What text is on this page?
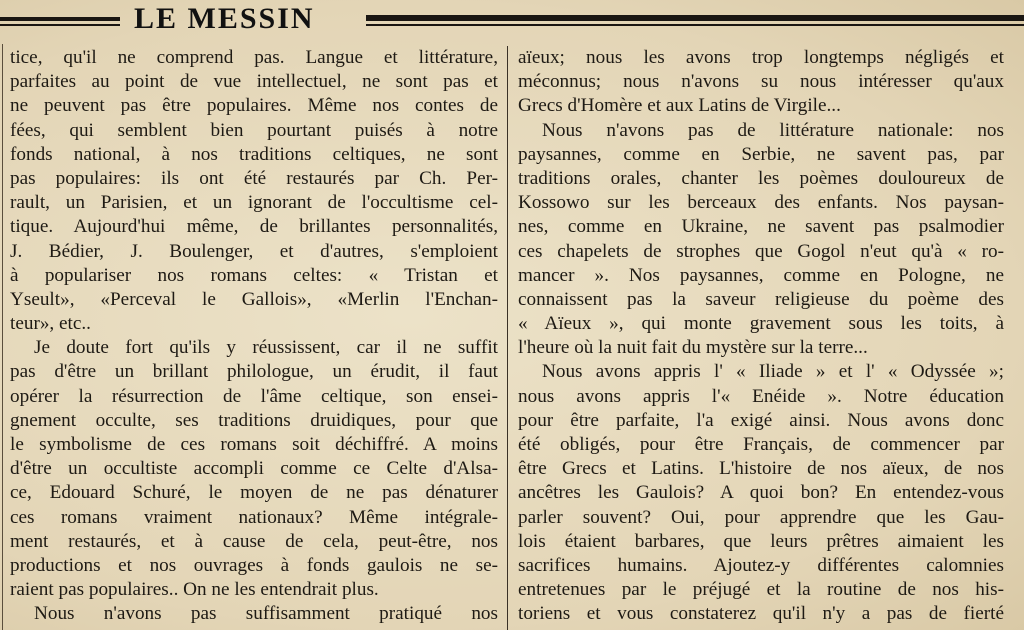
LE MESSIN
tice, qu'il ne comprend pas. Langue et littérature,
parfaites au point de vue intellectuel, ne sont pas et
ne peuvent pas être populaires. Même nos contes de
fées, qui semblent bien pourtant puisés à notre
fonds national, à nos traditions celtiques, ne sont
pas populaires: ils ont été restaurés par Ch. Per-
rault, un Parisien, et un ignorant de l'occultisme cel-
tique. Aujourd'hui même, de brillantes personnalités,
J. Bédier, J. Boulenger, et d'autres, s'emploient
à populariser nos romans celtes: « Tristan et
Yseult», «Perceval le Gallois», «Merlin l'Enchan-
teur», etc..
Je doute fort qu'ils y réussissent, car il ne suffit
pas d'être un brillant philologue, un érudit, il faut
opérer la résurrection de l'âme celtique, son ensei-
gnement occulte, ses traditions druidiques, pour que
le symbolisme de ces romans soit déchiffré. A moins
d'être un occultiste accompli comme ce Celte d'Alsa-
ce, Edouard Schuré, le moyen de ne pas dénaturer
ces romans vraiment nationaux? Même intégrale-
ment restaurés, et à cause de cela, peut-être, nos
productions et nos ouvrages à fonds gaulois ne se-
raient pas populaires.. On ne les entendrait plus.
Nous n'avons pas suffisamment pratiqué nos
aïeux; nous les avons trop longtemps négligés et
méconnus; nous n'avons su nous intéresser qu'aux
Grecs d'Homère et aux Latins de Virgile...
Nous n'avons pas de littérature nationale: nos
paysannes, comme en Serbie, ne savent pas, par
traditions orales, chanter les poèmes douloureux de
Kossowo sur les berceaux des enfants. Nos paysan-
nes, comme en Ukraine, ne savent pas psalmodier
ces chapelets de strophes que Gogol n'eut qu'à « ro-
mancer ». Nos paysannes, comme en Pologne, ne
connaissent pas la saveur religieuse du poème des
« Aïeux », qui monte gravement sous les toits, à
l'heure où la nuit fait du mystère sur la terre...
Nous avons appris l' « Iliade » et l' « Odyssée »;
nous avons appris l'« Enéide ». Notre éducation
pour être parfaite, l'a exigé ainsi. Nous avons donc
été obligés, pour être Français, de commencer par
être Grecs et Latins. L'histoire de nos aïeux, de nos
ancêtres les Gaulois? A quoi bon? En entendez-vous
parler souvent? Oui, pour apprendre que les Gau-
lois étaient barbares, que leurs prêtres aimaient les
sacrifices humains. Ajoutez-y différentes calomnies
entretenues par le préjugé et la routine de nos his-
toriens et vous constaterez qu'il n'y a pas de fierté
